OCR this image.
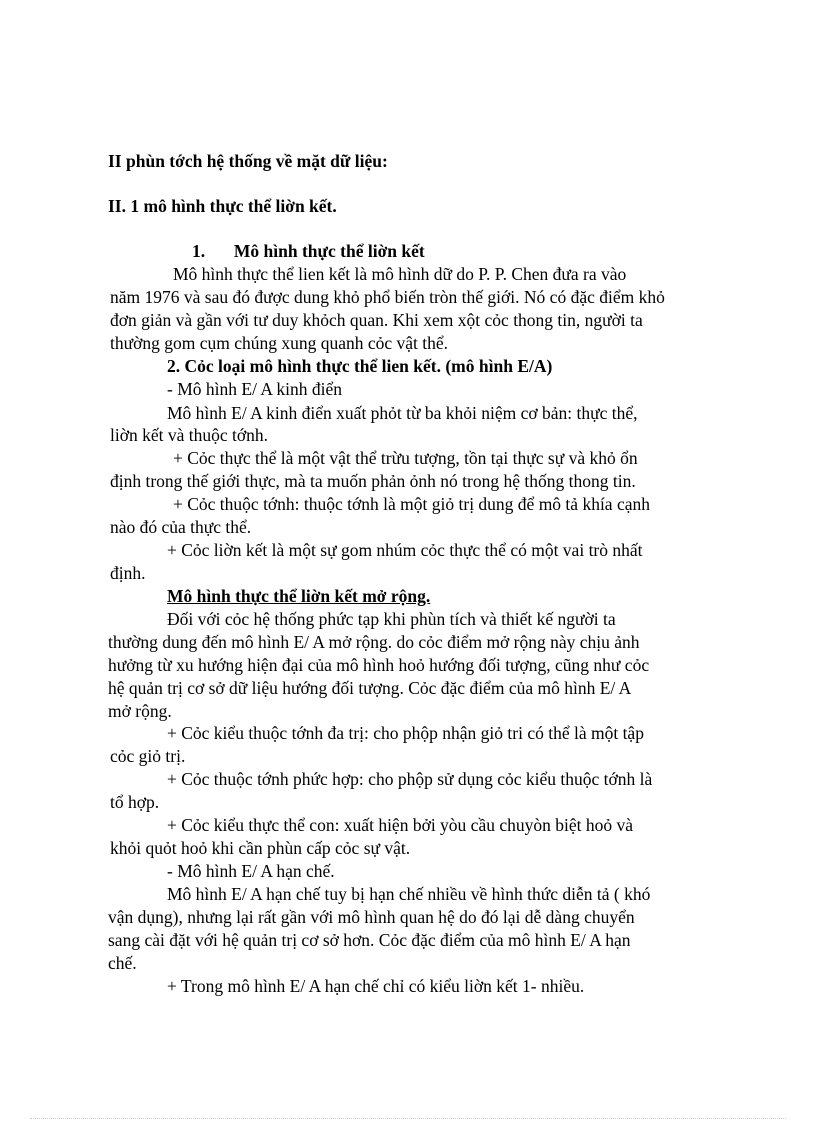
II phùn tớch hệ thống về mặt dữ liệu:
II. 1 mô hình thực thể liờn kết.
1. Mô hình thực thể liờn kết
Mô hình thực thể lien kết là mô hình dữ do P. P. Chen đưa ra vào
năm 1976 và sau đó được dung khỏ phổ biến tròn thế giới. Nó có đặc điểm khỏ
đơn giản và gần với tư duy khỏch quan. Khi xem xột cỏc thong tin, người ta
thường gom cụm chúng xung quanh cỏc vật thể.
2. Cỏc loại mô hình thực thể lien kết. (mô hình E/A)
- Mô hình E/ A kinh điển
Mô hình E/ A kinh điển xuất phỏt từ ba khỏi niệm cơ bản: thực thể,
liờn kết và thuộc tớnh.
+ Cỏc thực thể là một vật thể trừu tượng, tồn tại thực sự và khỏ ổn
định trong thế giới thực, mà ta muốn phản ỏnh nó trong hệ thống thong tin.
+ Cỏc thuộc tớnh: thuộc tớnh là một giỏ trị dung để mô tả khía cạnh
nào đó của thực thể.
+ Cỏc liờn kết là một sự gom nhúm cỏc thực thể có một vai trò nhất
định.
Mô hình thực thể liờn kết mở rộng.
Đối với cỏc hệ thống phức tạp khi phùn tích và thiết kế người ta
thường dung đến mô hình E/ A mở rộng. do cỏc điểm mở rộng này chịu ảnh
hưởng từ xu hướng hiện đại của mô hình hoỏ hướng đối tượng, cũng như cỏc
hệ quản trị cơ sở dữ liệu hướng đối tượng. Cỏc đặc điểm của mô hình E/ A
mở rộng.
+ Cỏc kiểu thuộc tớnh đa trị: cho phộp nhận giỏ tri có thể là một tập
cỏc giỏ trị.
+ Cỏc thuộc tớnh phức hợp: cho phộp sử dụng cỏc kiểu thuộc tớnh là
tổ hợp.
+ Cỏc kiểu thực thể con: xuất hiện bởi yòu cầu chuyòn biệt hoỏ và
khỏi quỏt hoỏ khi cần phùn cấp cỏc sự vật.
- Mô hình E/ A hạn chế.
Mô hình E/ A hạn chế tuy bị hạn chế nhiều về hình thức diễn tả ( khó
vận dụng), nhưng lại rất gần với mô hình quan hệ do đó lại dễ dàng chuyển
sang cài đặt với hệ quản trị cơ sở hơn. Cỏc đặc điểm của mô hình E/ A hạn
chế.
+ Trong mô hình E/ A hạn chế chỉ có kiểu liờn kết 1- nhiều.
